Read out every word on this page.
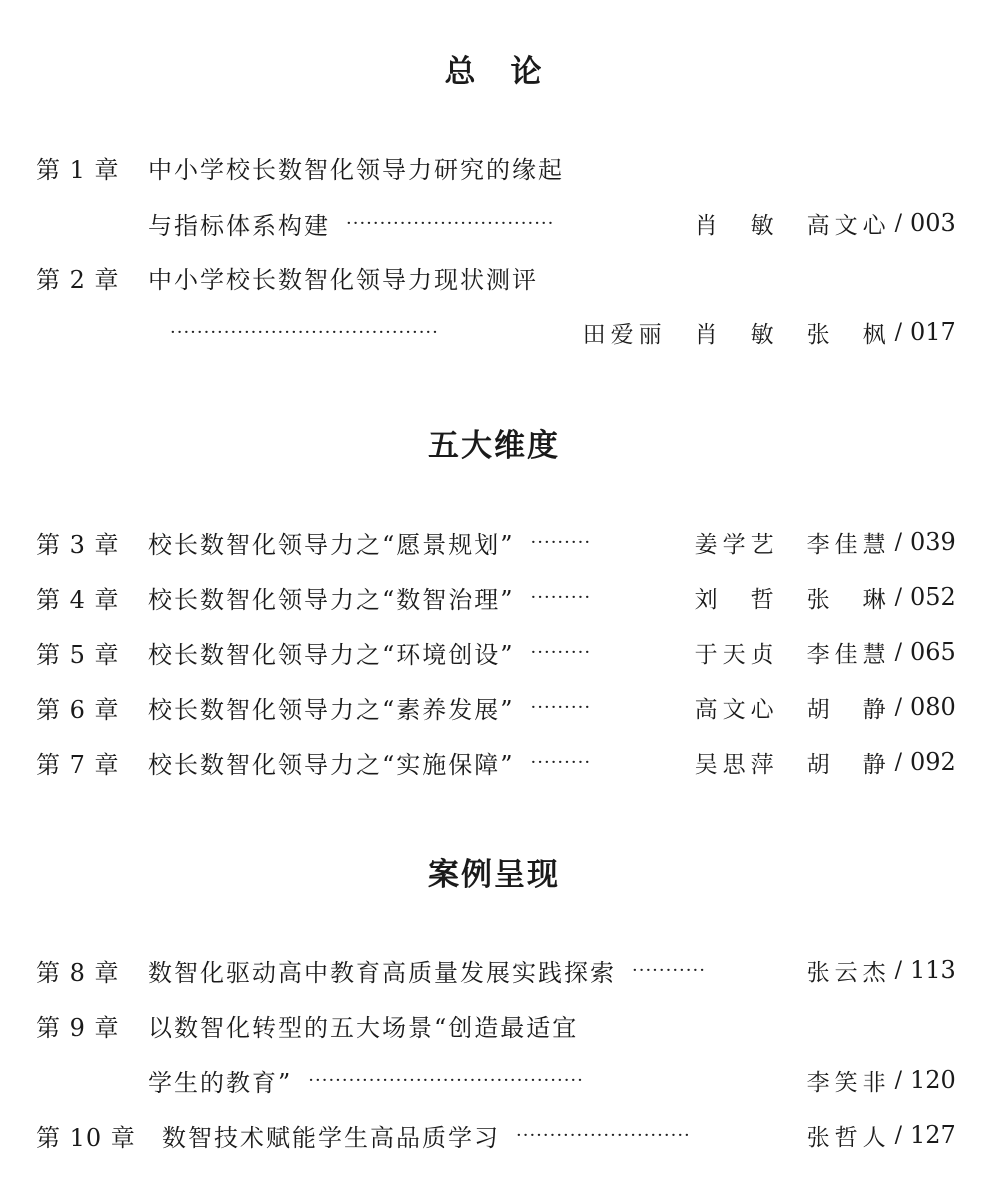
总　论
第 1 章	中小学校长数智化领导力研究的缘起
与指标体系构建 ·······························	肖　敏　高文心 / 003
第 2 章	中小学校长数智化领导力现状测评
········································	田爱丽　肖　敏　张　枫 / 017
五大维度
第 3 章	校长数智化领导力之“愿景规划” ·········	姜学艺　李佳慧 / 039
第 4 章	校长数智化领导力之“数智治理” ·········	刘　哲　张　琳 / 052
第 5 章	校长数智化领导力之“环境创设” ·········	于天贞　李佳慧 / 065
第 6 章	校长数智化领导力之“素养发展” ·········	高文心　胡　静 / 080
第 7 章	校长数智化领导力之“实施保障” ·········	吴思萍　胡　静 / 092
案例呈现
第 8 章	数智化驱动高中教育高质量发展实践探索 ···········	张云杰 / 113
第 9 章	以数智化转型的五大场景“创造最适宜
学生的教育” ·········································	李笑非 / 120
第 10 章	数智技术赋能学生高品质学习 ··························	张哲人 / 127
